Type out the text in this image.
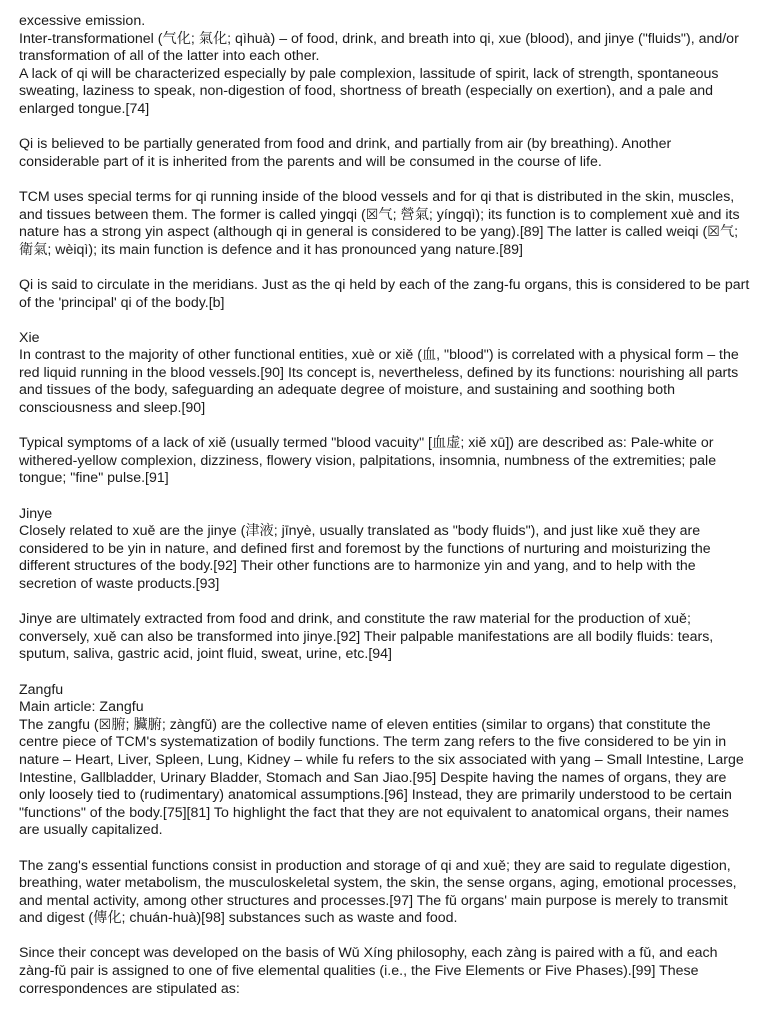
excessive emission.

Inter-transformationel (气化; 氣化; qìhuà) – of food, drink, and breath into qi, xue (blood), and jinye ("fluids"), and/or transformation of all of the latter into each other.

A lack of qi will be characterized especially by pale complexion, lassitude of spirit, lack of strength, spontaneous sweating, laziness to speak, non-digestion of food, shortness of breath (especially on exertion), and a pale and enlarged tongue.[74]

Qi is believed to be partially generated from food and drink, and partially from air (by breathing). Another considerable part of it is inherited from the parents and will be consumed in the course of life.

TCM uses special terms for qi running inside of the blood vessels and for qi that is distributed in the skin, muscles, and tissues between them. The former is called yingqi (☒气; 營氣; yíngqì); its function is to complement xuè and its nature has a strong yin aspect (although qi in general is considered to be yang).[89] The latter is called weiqi (☒气; 衛氣; wèiqì); its main function is defence and it has pronounced yang nature.[89]

Qi is said to circulate in the meridians. Just as the qi held by each of the zang-fu organs, this is considered to be part of the 'principal' qi of the body.[b]

Xie

In contrast to the majority of other functional entities, xuè or xiě (血, "blood") is correlated with a physical form – the red liquid running in the blood vessels.[90] Its concept is, nevertheless, defined by its functions: nourishing all parts and tissues of the body, safeguarding an adequate degree of moisture, and sustaining and soothing both consciousness and sleep.[90]

Typical symptoms of a lack of xiě (usually termed "blood vacuity" [血虚; xiě xū]) are described as: Pale-white or withered-yellow complexion, dizziness, flowery vision, palpitations, insomnia, numbness of the extremities; pale tongue; "fine" pulse.[91]

Jinye

Closely related to xuě are the jinye (津液; jīnyè, usually translated as "body fluids"), and just like xuě they are considered to be yin in nature, and defined first and foremost by the functions of nurturing and moisturizing the different structures of the body.[92] Their other functions are to harmonize yin and yang, and to help with the secretion of waste products.[93]

Jinye are ultimately extracted from food and drink, and constitute the raw material for the production of xuě; conversely, xuě can also be transformed into jinye.[92] Their palpable manifestations are all bodily fluids: tears, sputum, saliva, gastric acid, joint fluid, sweat, urine, etc.[94]

Zangfu

Main article: Zangfu

The zangfu (☒腑; 臟腑; zàngfǔ) are the collective name of eleven entities (similar to organs) that constitute the centre piece of TCM's systematization of bodily functions. The term zang refers to the five considered to be yin in nature – Heart, Liver, Spleen, Lung, Kidney – while fu refers to the six associated with yang – Small Intestine, Large Intestine, Gallbladder, Urinary Bladder, Stomach and San Jiao.[95] Despite having the names of organs, they are only loosely tied to (rudimentary) anatomical assumptions.[96] Instead, they are primarily understood to be certain "functions" of the body.[75][81] To highlight the fact that they are not equivalent to anatomical organs, their names are usually capitalized.

The zang's essential functions consist in production and storage of qi and xuě; they are said to regulate digestion, breathing, water metabolism, the musculoskeletal system, the skin, the sense organs, aging, emotional processes, and mental activity, among other structures and processes.[97] The fǔ organs' main purpose is merely to transmit and digest (傳化; chuán-huà)[98] substances such as waste and food.

Since their concept was developed on the basis of Wǔ Xíng philosophy, each zàng is paired with a fǔ, and each zàng-fǔ pair is assigned to one of five elemental qualities (i.e., the Five Elements or Five Phases).[99] These correspondences are stipulated as:
